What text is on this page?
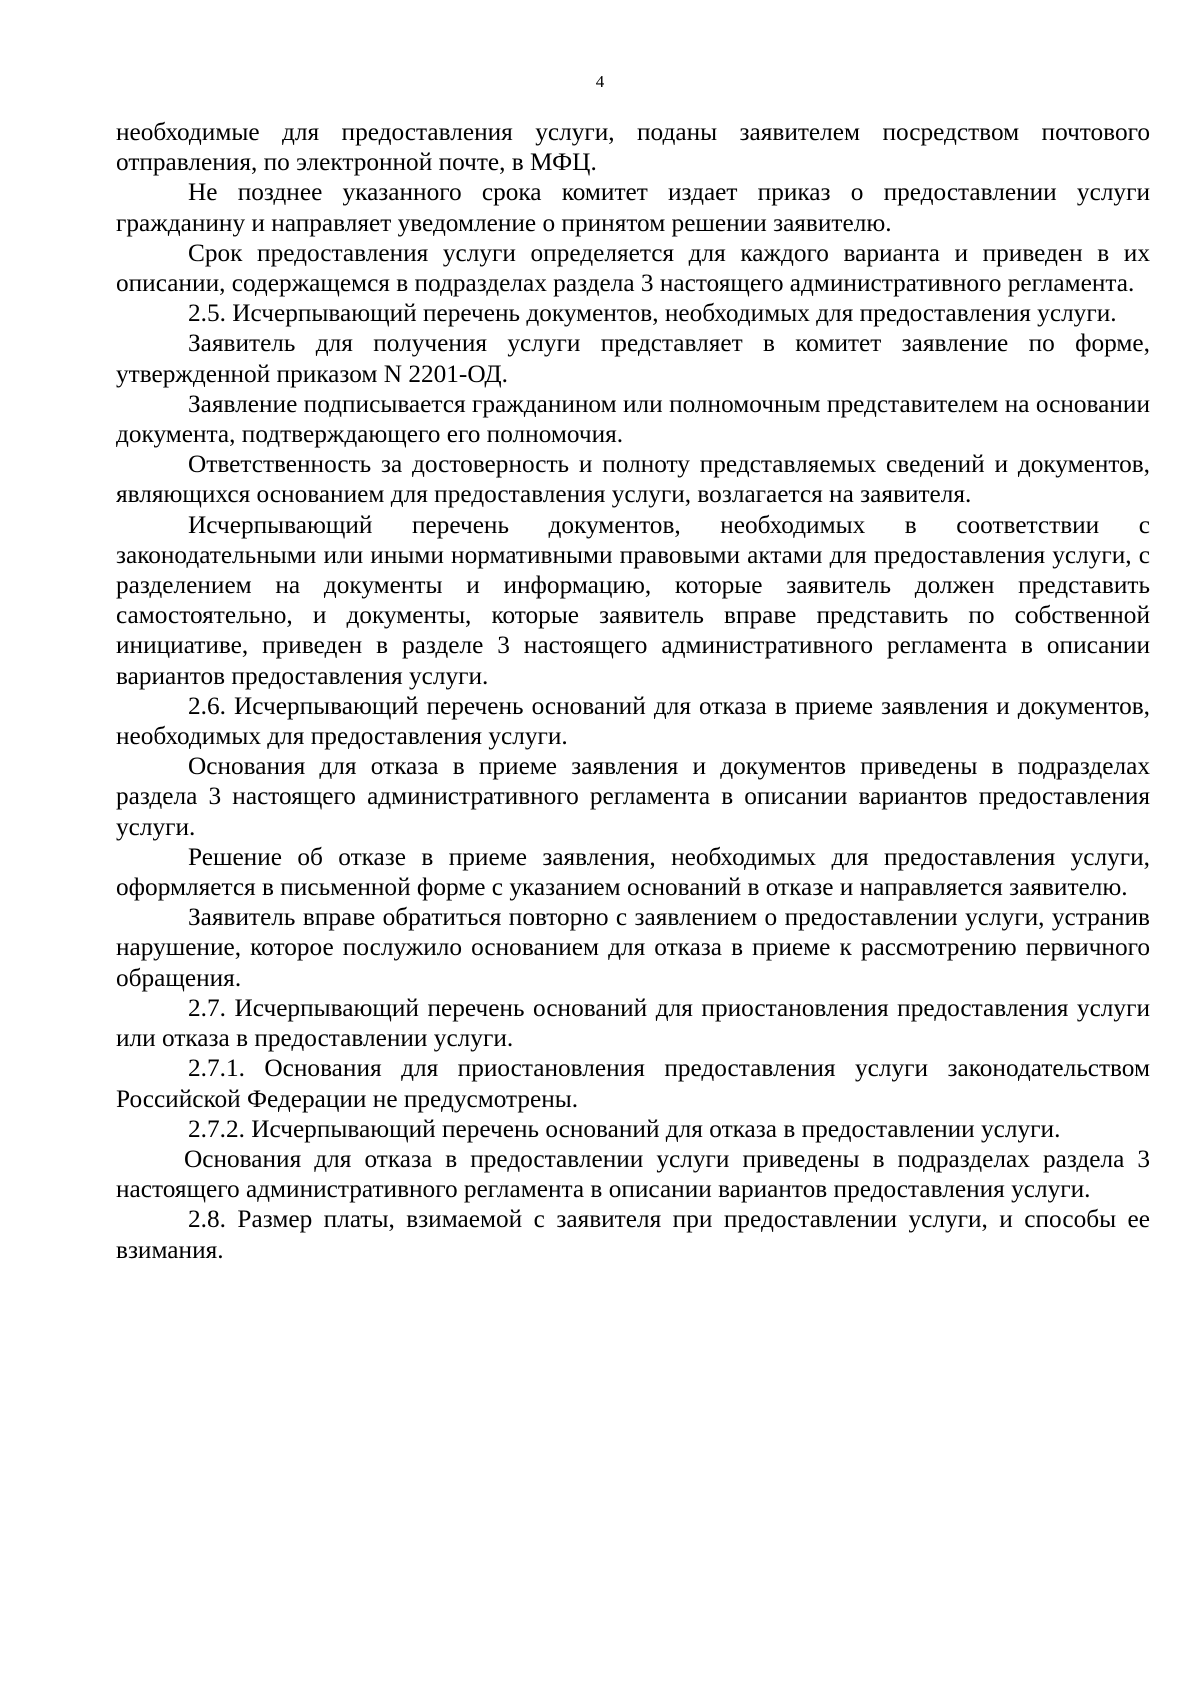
4

необходимые для предоставления услуги, поданы заявителем посредством почтового отправления, по электронной почте, в МФЦ.

Не позднее указанного срока комитет издает приказ о предоставлении услуги гражданину и направляет уведомление о принятом решении заявителю.

Срок предоставления услуги определяется для каждого варианта и приведен в их описании, содержащемся в подразделах раздела 3 настоящего административного регламента.

2.5. Исчерпывающий перечень документов, необходимых для предоставления услуги.

Заявитель для получения услуги представляет в комитет заявление по форме, утвержденной приказом N 2201-ОД.

Заявление подписывается гражданином или полномочным представителем на основании документа, подтверждающего его полномочия.

Ответственность за достоверность и полноту представляемых сведений и документов, являющихся основанием для предоставления услуги, возлагается на заявителя.

Исчерпывающий перечень документов, необходимых в соответствии с законодательными или иными нормативными правовыми актами для предоставления услуги, с разделением на документы и информацию, которые заявитель должен представить самостоятельно, и документы, которые заявитель вправе представить по собственной инициативе, приведен в разделе 3 настоящего административного регламента в описании вариантов предоставления услуги.

2.6. Исчерпывающий перечень оснований для отказа в приеме заявления и документов, необходимых для предоставления услуги.

Основания для отказа в приеме заявления и документов приведены в подразделах раздела 3 настоящего административного регламента в описании вариантов предоставления услуги.

Решение об отказе в приеме заявления, необходимых для предоставления услуги, оформляется в письменной форме с указанием оснований в отказе и направляется заявителю.

Заявитель вправе обратиться повторно с заявлением о предоставлении услуги, устранив нарушение, которое послужило основанием для отказа в приеме к рассмотрению первичного обращения.

2.7. Исчерпывающий перечень оснований для приостановления предоставления услуги или отказа в предоставлении услуги.

2.7.1. Основания для приостановления предоставления услуги законодательством Российской Федерации не предусмотрены.

2.7.2. Исчерпывающий перечень оснований для отказа в предоставлении услуги.

Основания для отказа в предоставлении услуги приведены в подразделах раздела 3 настоящего административного регламента в описании вариантов предоставления услуги.

2.8. Размер платы, взимаемой с заявителя при предоставлении услуги, и способы ее взимания.
